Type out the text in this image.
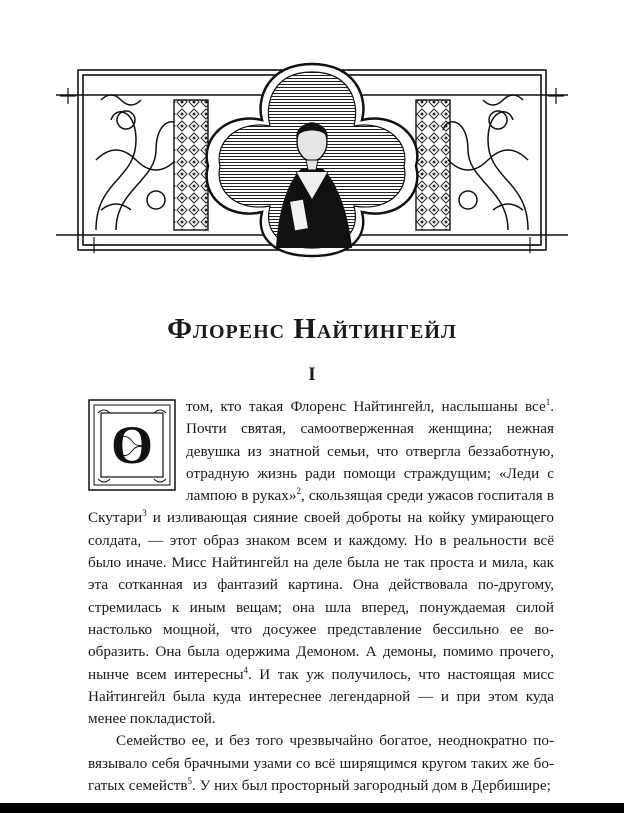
Флоренс Найтингейл
I
О

том, кто такая Флоренс Найтингейл, наслышаны все$^1$. Почти святая, самоотверженная женщина; нежная девушка из знатной семьи, что отвергла беззаботную, отрадную жизнь ради помощи страждущим; «Леди с лампою в руках»$^2$, скользящая среди ужасов госпиталя в Скутари$^3$ и изливающая сияние своей доброты на койку умирающего солдата, — этот образ знаком всем и каждому. Но в реальности всё было иначе. Мисс Найтингейл на деле была не так проста и мила, как эта сотканная из фантазий картина. Она действовала по-другому, стремилась к иным вещам; она шла вперед, понуждаемая силой настолько мощной, что досужее представление бессильно ее вообразить. Она была одержима Демоном. А демоны, помимо прочего, нынче всем интересны$^4$. И так уж получилось, что настоящая мисс Найтингейл была куда интереснее легендарной — и при этом куда менее покладистой.

Семейство ее, и без того чрезвычайно богатое, неоднократно повязывало себя брачными узами со всё ширящимся кругом таких же богатых семейств$^5$. У них был просторный загородный дом в Дербишире;
